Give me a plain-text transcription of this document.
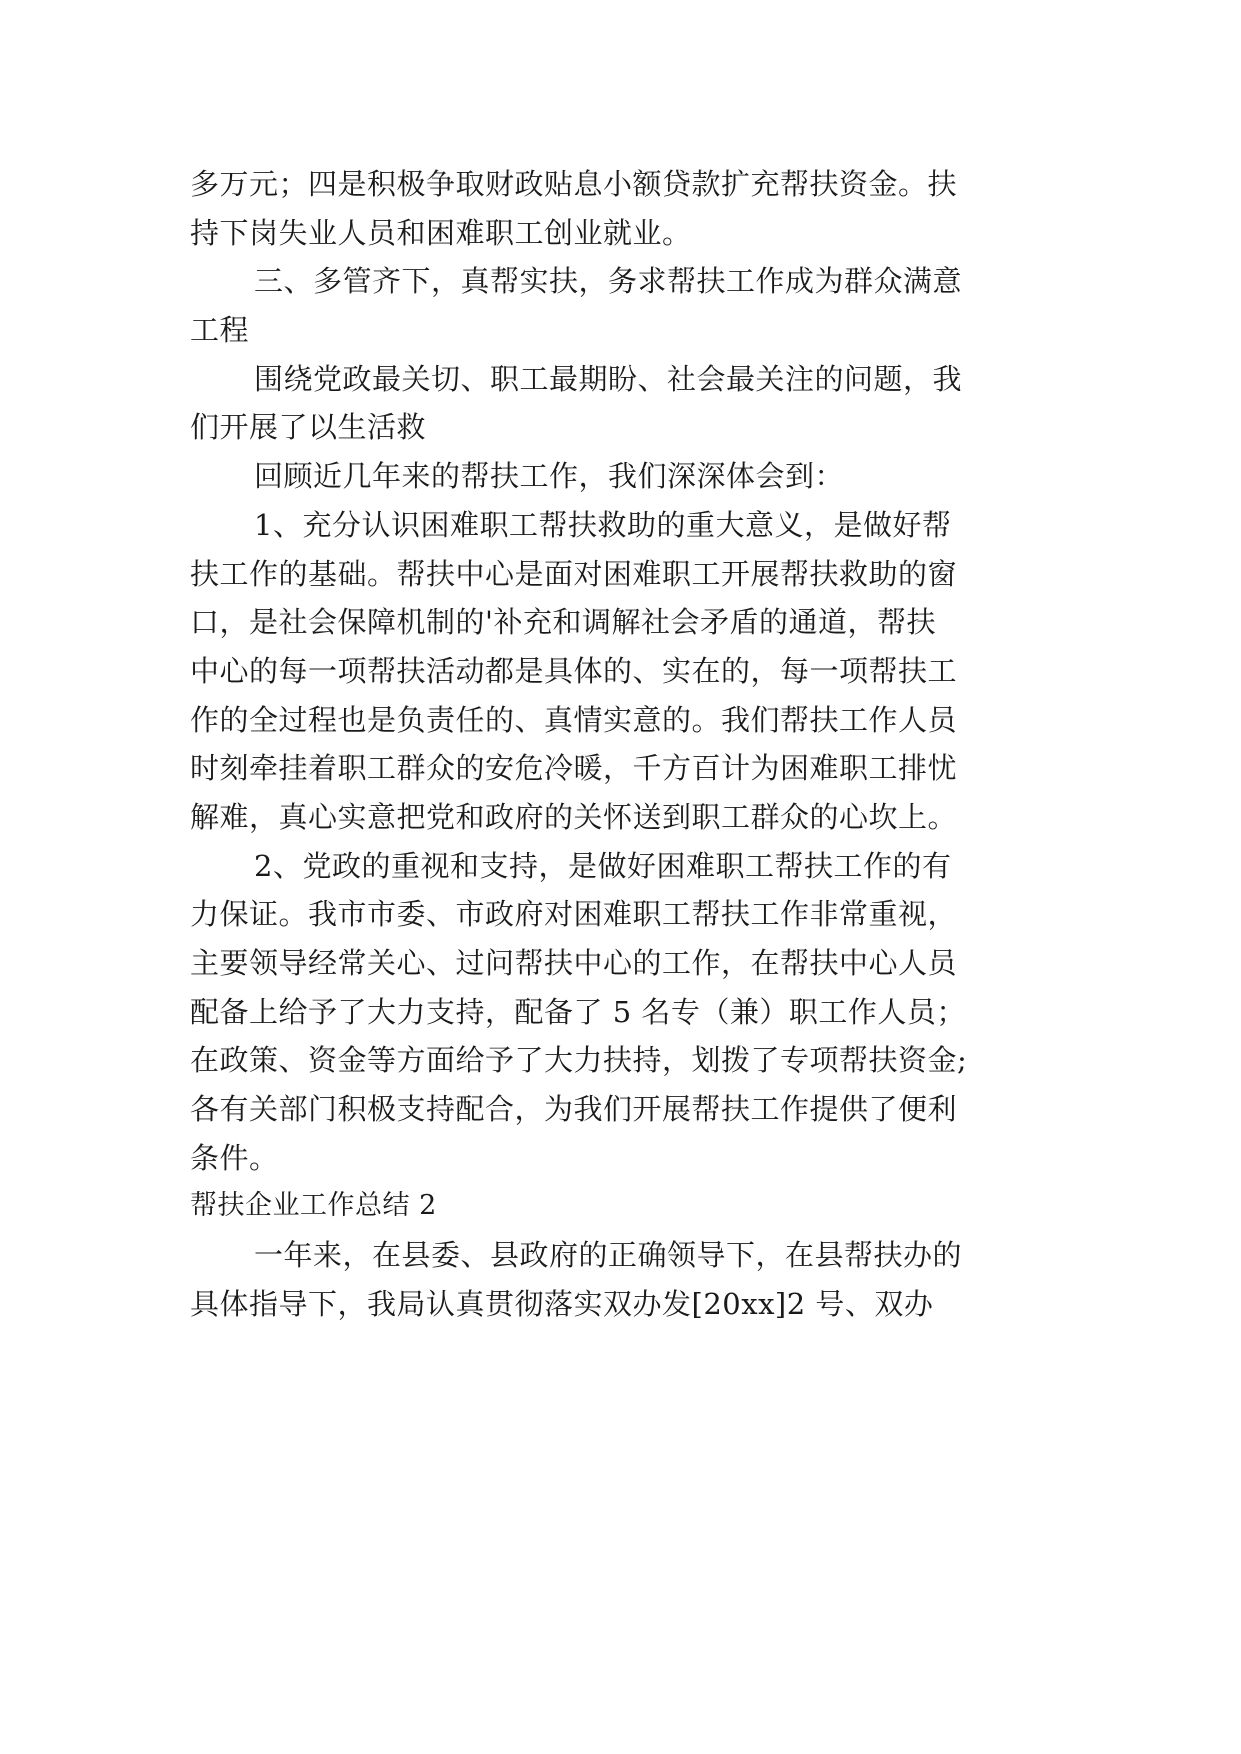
多万元；四是积极争取财政贴息小额贷款扩充帮扶资金。扶
持下岗失业人员和困难职工创业就业。
三、多管齐下，真帮实扶，务求帮扶工作成为群众满意
工程
围绕党政最关切、职工最期盼、社会最关注的问题，我
们开展了以生活救
回顾近几年来的帮扶工作，我们深深体会到：
1、充分认识困难职工帮扶救助的重大意义，是做好帮
扶工作的基础。帮扶中心是面对困难职工开展帮扶救助的窗
口，是社会保障机制的'补充和调解社会矛盾的通道，帮扶
中心的每一项帮扶活动都是具体的、实在的，每一项帮扶工
作的全过程也是负责任的、真情实意的。我们帮扶工作人员
时刻牵挂着职工群众的安危冷暖，千方百计为困难职工排忧
解难，真心实意把党和政府的关怀送到职工群众的心坎上。
2、党政的重视和支持，是做好困难职工帮扶工作的有
力保证。我市市委、市政府对困难职工帮扶工作非常重视，
主要领导经常关心、过问帮扶中心的工作，在帮扶中心人员
配备上给予了大力支持，配备了 5 名专（兼）职工作人员；
在政策、资金等方面给予了大力扶持，划拨了专项帮扶资金;
各有关部门积极支持配合，为我们开展帮扶工作提供了便利
条件。
帮扶企业工作总结 2
一年来，在县委、县政府的正确领导下，在县帮扶办的
具体指导下，我局认真贯彻落实双办发[20xx]2 号、双办
